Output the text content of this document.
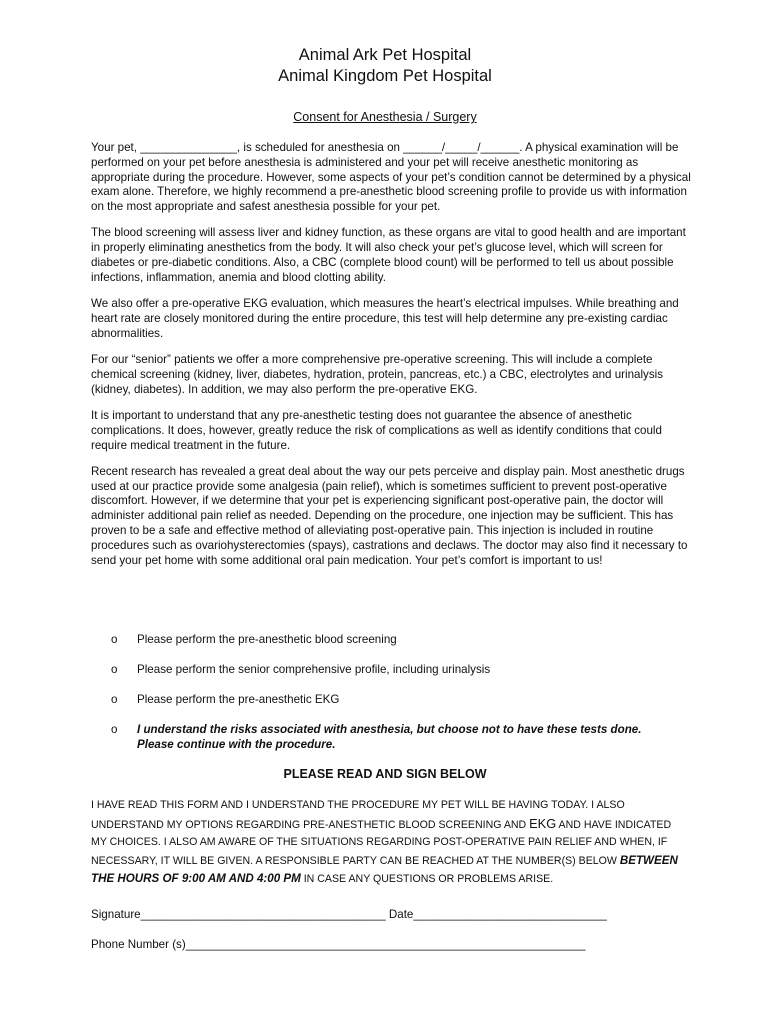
Animal Ark Pet Hospital
Animal Kingdom Pet Hospital
Consent for Anesthesia / Surgery

Your pet, _______________, is scheduled for anesthesia on ______/_____/______. A physical examination will be performed on your pet before anesthesia is administered and your pet will receive anesthetic monitoring as appropriate during the procedure. However, some aspects of your pet’s condition cannot be determined by a physical exam alone. Therefore, we highly recommend a pre-anesthetic blood screening profile to provide us with information on the most appropriate and safest anesthesia possible for your pet.

The blood screening will assess liver and kidney function, as these organs are vital to good health and are important in properly eliminating anesthetics from the body. It will also check your pet’s glucose level, which will screen for diabetes or pre-diabetic conditions. Also, a CBC (complete blood count) will be performed to tell us about possible infections, inflammation, anemia and blood clotting ability.

We also offer a pre-operative EKG evaluation, which measures the heart’s electrical impulses. While breathing and heart rate are closely monitored during the entire procedure, this test will help determine any pre-existing cardiac abnormalities.

For our “senior” patients we offer a more comprehensive pre-operative screening. This will include a complete chemical screening (kidney, liver, diabetes, hydration, protein, pancreas, etc.) a CBC, electrolytes and urinalysis (kidney, diabetes). In addition, we may also perform the pre-operative EKG.

It is important to understand that any pre-anesthetic testing does not guarantee the absence of anesthetic complications. It does, however, greatly reduce the risk of complications as well as identify conditions that could require medical treatment in the future.

Recent research has revealed a great deal about the way our pets perceive and display pain. Most anesthetic drugs used at our practice provide some analgesia (pain relief), which is sometimes sufficient to prevent post-operative discomfort. However, if we determine that your pet is experiencing significant post-operative pain, the doctor will administer additional pain relief as needed. Depending on the procedure, one injection may be sufficient. This has proven to be a safe and effective method of alleviating post-operative pain. This injection is included in routine procedures such as ovariohysterectomies (spays), castrations and declaws. The doctor may also find it necessary to send your pet home with some additional oral pain medication. Your pet’s comfort is important to us!

o	Please perform the pre-anesthetic blood screening
o	Please perform the senior comprehensive profile, including urinalysis
o	Please perform the pre-anesthetic EKG
o	I understand the risks associated with anesthesia, but choose not to have these tests done. Please continue with the procedure.
PLEASE READ AND SIGN BELOW
I HAVE READ THIS FORM AND I UNDERSTAND THE PROCEDURE MY PET WILL BE HAVING TODAY. I ALSO UNDERSTAND MY OPTIONS REGARDING PRE-ANESTHETIC BLOOD SCREENING AND EKG AND HAVE INDICATED MY CHOICES. I ALSO AM AWARE OF THE SITUATIONS REGARDING POST-OPERATIVE PAIN RELIEF AND WHEN, IF NECESSARY, IT WILL BE GIVEN. A RESPONSIBLE PARTY CAN BE REACHED AT THE NUMBER(S) BELOW BETWEEN THE HOURS OF 9:00 AM AND 4:00 PM IN CASE ANY QUESTIONS OR PROBLEMS ARISE.
Signature______________________________________ Date______________________________
Phone Number (s)______________________________________________________________
